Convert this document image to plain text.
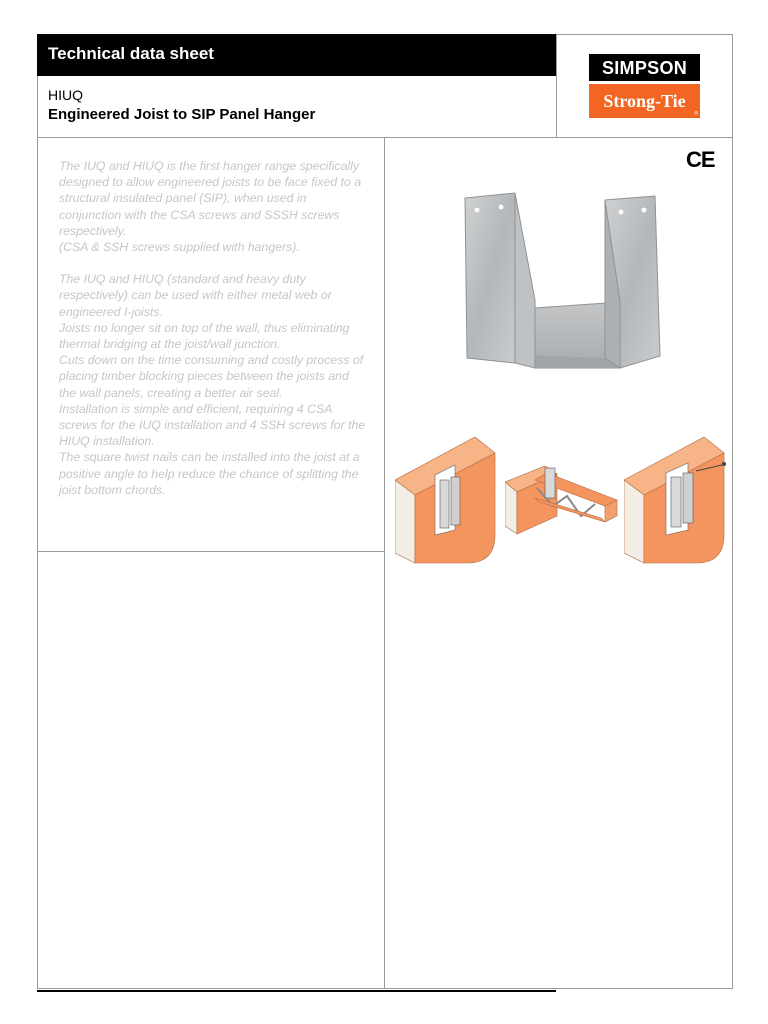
Technical data sheet
HIUQ
Engineered Joist to SIP Panel Hanger
SIMPSON
Strong-Tie
®

The IUQ and HIUQ is the first hanger range specifically designed to allow engineered joists to be face fixed to a structural insulated panel (SIP), when used in conjunction with the CSA screws and SSSH screws respectively.

(CSA & SSH screws supplied with hangers).

The IUQ and HIUQ (standard and heavy duty respectively) can be used with either metal web or engineered I-joists.

Joists no longer sit on top of the wall, thus eliminating thermal bridging at the joist/wall junction.

Cuts down on the time consuming and costly process of placing timber blocking pieces between the joists and the wall panels, creating a better air seal.

Installation is simple and efficient, requiring 4 CSA screws for the IUQ installation and 4 SSH screws for the HIUQ installation.

The square twist nails can be installed into the joist at a positive angle to help reduce the chance of splitting the joist bottom chords.

CE
